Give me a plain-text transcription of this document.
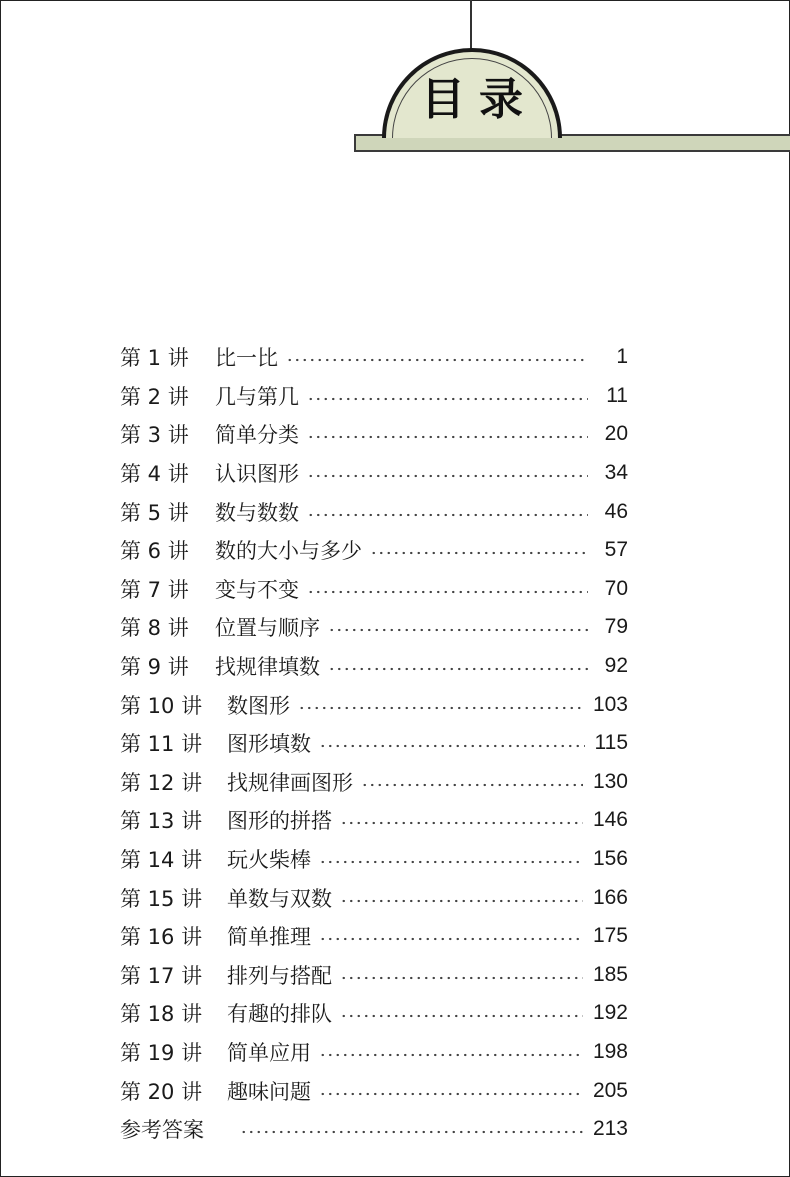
目录
第 1 讲	比一比	1
第 2 讲	几与第几	11
第 3 讲	简单分类	20
第 4 讲	认识图形	34
第 5 讲	数与数数	46
第 6 讲	数的大小与多少	57
第 7 讲	变与不变	70
第 8 讲	位置与顺序	79
第 9 讲	找规律填数	92
第 10 讲	数图形	103
第 11 讲	图形填数	115
第 12 讲	找规律画图形	130
第 13 讲	图形的拼搭	146
第 14 讲	玩火柴棒	156
第 15 讲	单数与双数	166
第 16 讲	简单推理	175
第 17 讲	排列与搭配	185
第 18 讲	有趣的排队	192
第 19 讲	简单应用	198
第 20 讲	趣味问题	205
参考答案	213
